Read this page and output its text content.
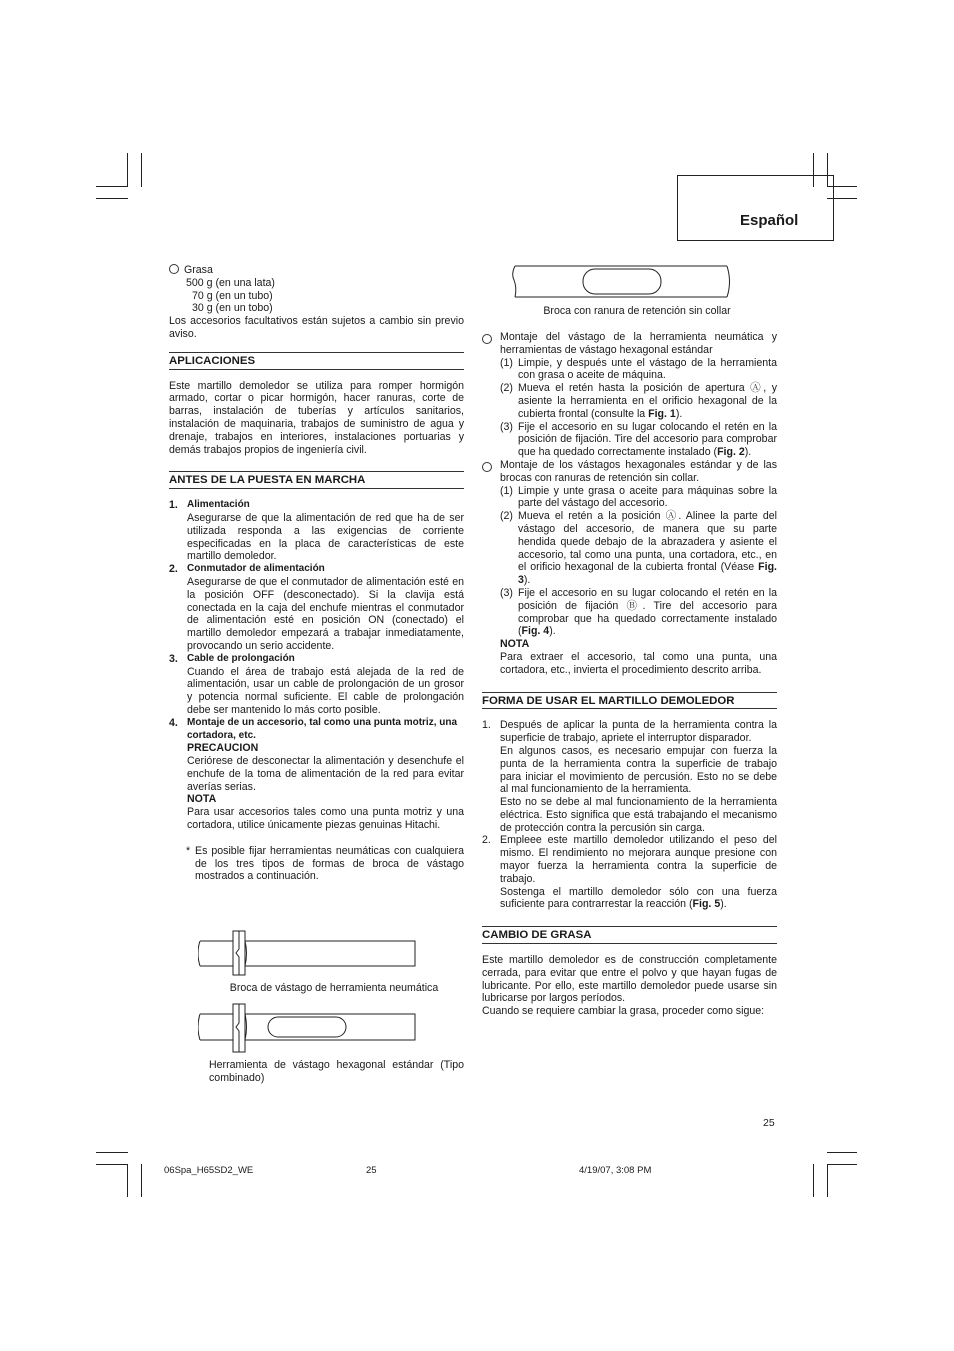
Español

Grasa

500 g (en una lata)

70 g (en un tubo)

30 g (en un tobo)

Los accesorios facultativos están sujetos a cambio sin previo aviso.

APLICACIONES

Este martillo demoledor se utiliza para romper hormigón armado, cortar o picar hormigón, hacer ranuras, corte de barras, instalación de tuberías y artículos sanitarios, instalación de maquinaria, trabajos de suministro de agua y drenaje, trabajos en interiores, instalaciones portuarias y demás trabajos propios de ingeniería civil.

ANTES DE LA PUESTA EN MARCHA

1. Alimentación

Asegurarse de que la alimentación de red que ha de ser utilizada responda a las exigencias de corriente especificadas en la placa de características de este martillo demoledor.

2. Conmutador de alimentación

Asegurarse de que el conmutador de alimentación esté en la posición OFF (desconectado). Si la clavija está conectada en la caja del enchufe mientras el conmutador de alimentación esté en posición ON (conectado) el martillo demoledor empezará a trabajar inmediatamente, provocando un serio accidente.

3. Cable de prolongación

Cuando el área de trabajo está alejada de la red de alimentación, usar un cable de prolongación de un grosor y potencia normal suficiente. El cable de prolongación debe ser mantenido lo más corto posible.

4. Montaje de un accesorio, tal como una punta motriz, una cortadora, etc.

PRECAUCION

Ceriórese de desconectar la alimentación y desenchufe el enchufe de la toma de alimentación de la red para evitar averías serias.

NOTA

Para usar accesorios tales como una punta motriz y una cortadora, utilice únicamente piezas genuinas Hitachi.

* Es posible fijar herramientas neumáticas con cualquiera de los tres tipos de formas de broca de vástago mostrados a continuación.

Broca de vástago de herramienta neumática
Herramienta de vástago hexagonal estándar (Tipo combinado)
Broca con ranura de retención sin collar

Montaje del vástago de la herramienta neumática y herramientas de vástago hexagonal estándar

(1) Limpie, y después unte el vástago de la herramienta con grasa o aceite de máquina.

(2) Mueva el retén hasta la posición de apertura Ⓐ, y asiente la herramienta en el orificio hexagonal de la cubierta frontal (consulte la Fig. 1).

(3) Fije el accesorio en su lugar colocando el retén en la posición de fijación. Tire del accesorio para comprobar que ha quedado correctamente instalado (Fig. 2).

Montaje de los vástagos hexagonales estándar y de las brocas con ranuras de retención sin collar.

(1) Limpie y unte grasa o aceite para máquinas sobre la parte del vástago del accesorio.

(2) Mueva el retén a la posición Ⓐ. Alinee la parte del vástago del accesorio, de manera que su parte hendida quede debajo de la abrazadera y asiente el accesorio, tal como una punta, una cortadora, etc., en el orificio hexagonal de la cubierta frontal (Véase Fig. 3).

(3) Fije el accesorio en su lugar colocando el retén en la posición de fijación Ⓑ. Tire del accesorio para comprobar que ha quedado correctamente instalado (Fig. 4).

NOTA

Para extraer el accesorio, tal como una punta, una cortadora, etc., invierta el procedimiento descrito arriba.

FORMA DE USAR EL MARTILLO DEMOLEDOR

1. Después de aplicar la punta de la herramienta contra la superficie de trabajo, apriete el interruptor disparador.

En algunos casos, es necesario empujar con fuerza la punta de la herramienta contra la superficie de trabajo para iniciar el movimiento de percusión. Esto no se debe al mal funcionamiento de la herramienta.

Esto no se debe al mal funcionamiento de la herramienta eléctrica. Esto significa que está trabajando el mecanismo de protección contra la percusión sin carga.

2. Empleee este martillo demoledor utilizando el peso del mismo. El rendimiento no mejorara aunque presione con mayor fuerza la herramienta contra la superficie de trabajo.

Sostenga el martillo demoledor sólo con una fuerza suficiente para contrarrestar la reacción (Fig. 5).

CAMBIO DE GRASA

Este martillo demoledor es de construcción completamente cerrada, para evitar que entre el polvo y que hayan fugas de lubricante. Por ello, este martillo demoledor puede usarse sin lubricarse por largos períodos.

Cuando se requiere cambiar la grasa, proceder como sigue:

25
06Spa_H65SD2_WE	25	4/19/07, 3:08 PM
